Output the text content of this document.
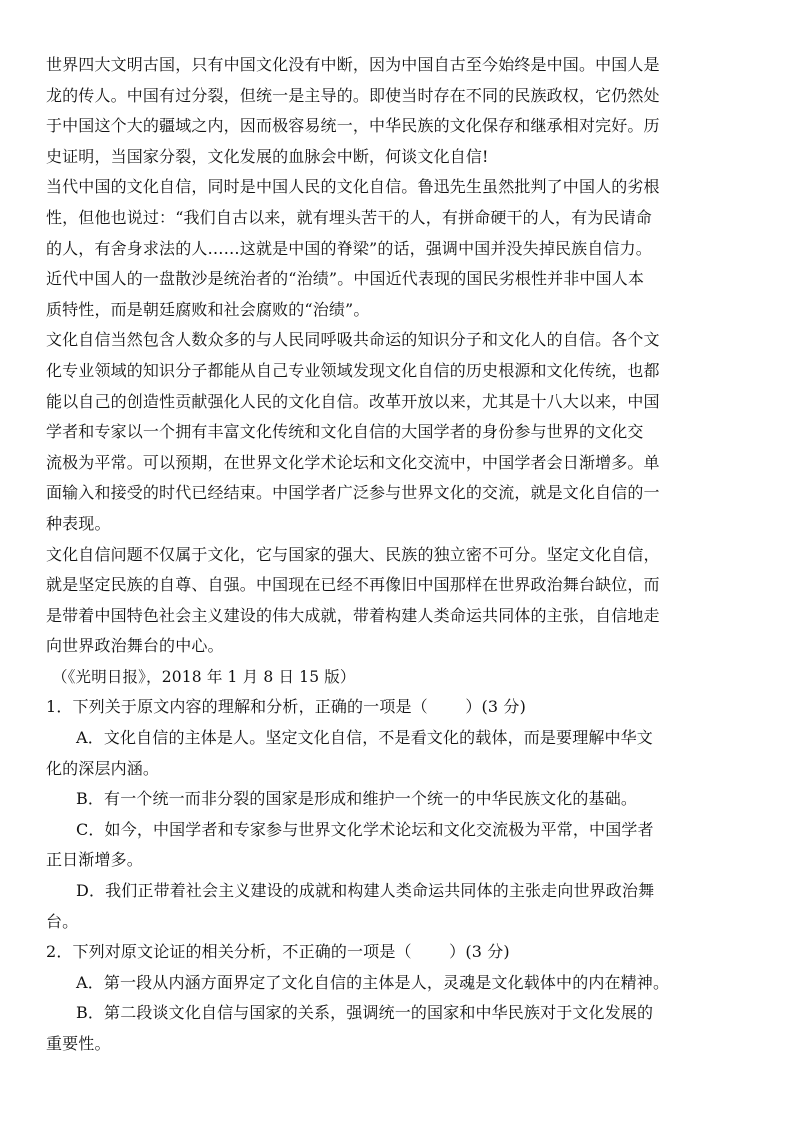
世界四大文明古国，只有中国文化没有中断，因为中国自古至今始终是中国。中国人是
龙的传人。中国有过分裂，但统一是主导的。即使当时存在不同的民族政权，它仍然处
于中国这个大的疆域之内，因而极容易统一，中华民族的文化保存和继承相对完好。历
史证明，当国家分裂，文化发展的血脉会中断，何谈文化自信!
当代中国的文化自信，同时是中国人民的文化自信。鲁迅先生虽然批判了中国人的劣根
性，但他也说过：“我们自古以来，就有埋头苦干的人，有拼命硬干的人，有为民请命
的人，有舍身求法的人……这就是中国的脊梁”的话，强调中国并没失掉民族自信力。
近代中国人的一盘散沙是统治者的“治绩”。中国近代表现的国民劣根性并非中国人本
质特性，而是朝廷腐败和社会腐败的“治绩”。
文化自信当然包含人数众多的与人民同呼吸共命运的知识分子和文化人的自信。各个文
化专业领域的知识分子都能从自己专业领域发现文化自信的历史根源和文化传统，也都
能以自己的创造性贡献强化人民的文化自信。改革开放以来，尤其是十八大以来，中国
学者和专家以一个拥有丰富文化传统和文化自信的大国学者的身份参与世界的文化交
流极为平常。可以预期，在世界文化学术论坛和文化交流中，中国学者会日渐增多。单
面输入和接受的时代已经结束。中国学者广泛参与世界文化的交流，就是文化自信的一
种表现。
文化自信问题不仅属于文化，它与国家的强大、民族的独立密不可分。坚定文化自信，
就是坚定民族的自尊、自强。中国现在已经不再像旧中国那样在世界政治舞台缺位，而
是带着中国特色社会主义建设的伟大成就，带着构建人类命运共同体的主张，自信地走
向世界政治舞台的中心。
（《光明日报》，2018 年 1 月 8 日 15 版）
1．下列关于原文内容的理解和分析，正确的一项是（　　 ）(3 分)
A．文化自信的主体是人。坚定文化自信，不是看文化的载体，而是要理解中华文
化的深层内涵。
B．有一个统一而非分裂的国家是形成和维护一个统一的中华民族文化的基础。
C．如今，中国学者和专家参与世界文化学术论坛和文化交流极为平常，中国学者
正日渐增多。
D．我们正带着社会主义建设的成就和构建人类命运共同体的主张走向世界政治舞
台。
2．下列对原文论证的相关分析，不正确的一项是（　　 ）(3 分)
A．第一段从内涵方面界定了文化自信的主体是人，灵魂是文化载体中的内在精神。
B．第二段谈文化自信与国家的关系，强调统一的国家和中华民族对于文化发展的
重要性。
